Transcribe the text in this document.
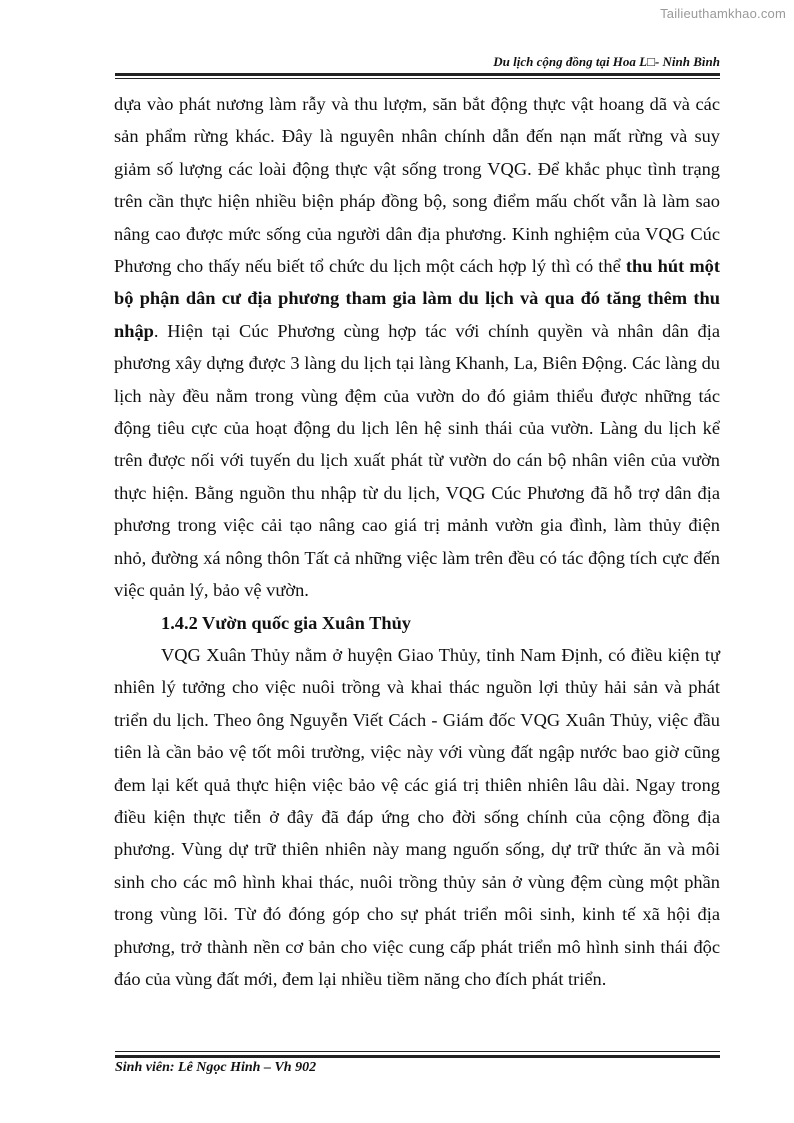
Tailieuthamkhao.com
Du lịch cộng đồng tại Hoa L□- Ninh Bình

dựa vào phát nương làm rẫy và thu lượm, săn bắt động thực vật hoang dã và các sản phẩm rừng khác. Đây là nguyên nhân chính dẫn đến nạn mất rừng và suy giảm số lượng các loài động thực vật sống trong VQG. Để khắc phục tình trạng trên cần thực hiện nhiều biện pháp đồng bộ, song điểm mấu chốt vẫn là làm sao nâng cao được mức sống của người dân địa phương. Kinh nghiệm của VQG Cúc Phương cho thấy nếu biết tổ chức du lịch một cách hợp lý thì có thể thu hút một bộ phận dân cư địa phương tham gia làm du lịch và qua đó tăng thêm thu nhập. Hiện tại Cúc Phương cùng hợp tác với chính quyền và nhân dân địa phương xây dựng được 3 làng du lịch tại làng Khanh, La, Biên Động. Các làng du lịch này đều nằm trong vùng đệm của vườn do đó giảm thiểu được những tác động tiêu cực của hoạt động du lịch lên hệ sinh thái của vườn. Làng du lịch kể trên được nối với tuyến du lịch xuất phát từ vườn do cán bộ nhân viên của vườn thực hiện. Bằng nguồn thu nhập từ du lịch, VQG Cúc Phương đã hỗ trợ dân địa phương trong việc cải tạo nâng cao giá trị mảnh vườn gia đình, làm thủy điện nhỏ, đường xá nông thôn Tất cả những việc làm trên đều có tác động tích cực đến việc quản lý, bảo vệ vườn.

1.4.2 Vườn quốc gia Xuân Thủy

VQG Xuân Thủy nằm ở huyện Giao Thủy, tỉnh Nam Định, có điều kiện tự nhiên lý tưởng cho việc nuôi trồng và khai thác nguồn lợi thủy hải sản và phát triển du lịch. Theo ông Nguyễn Viết Cách - Giám đốc VQG Xuân Thủy, việc đầu tiên là cần bảo vệ tốt môi trường, việc này với vùng đất ngập nước bao giờ cũng đem lại kết quả thực hiện việc bảo vệ các giá trị thiên nhiên lâu dài. Ngay trong điều kiện thực tiễn ở đây đã đáp ứng cho đời sống chính của cộng đồng địa phương. Vùng dự trữ thiên nhiên này mang nguốn sống, dự trữ thức ăn và môi sinh cho các mô hình khai thác, nuôi trồng thủy sản ở vùng đệm cùng một phần trong vùng lõi. Từ đó đóng góp cho sự phát triển môi sinh, kinh tế xã hội địa phương, trở thành nền cơ bản cho việc cung cấp phát triển mô hình sinh thái độc đáo của vùng đất mới, đem lại nhiều tiềm năng cho đích phát triển.

Sinh viên: Lê Ngọc Hinh – Vh 902
